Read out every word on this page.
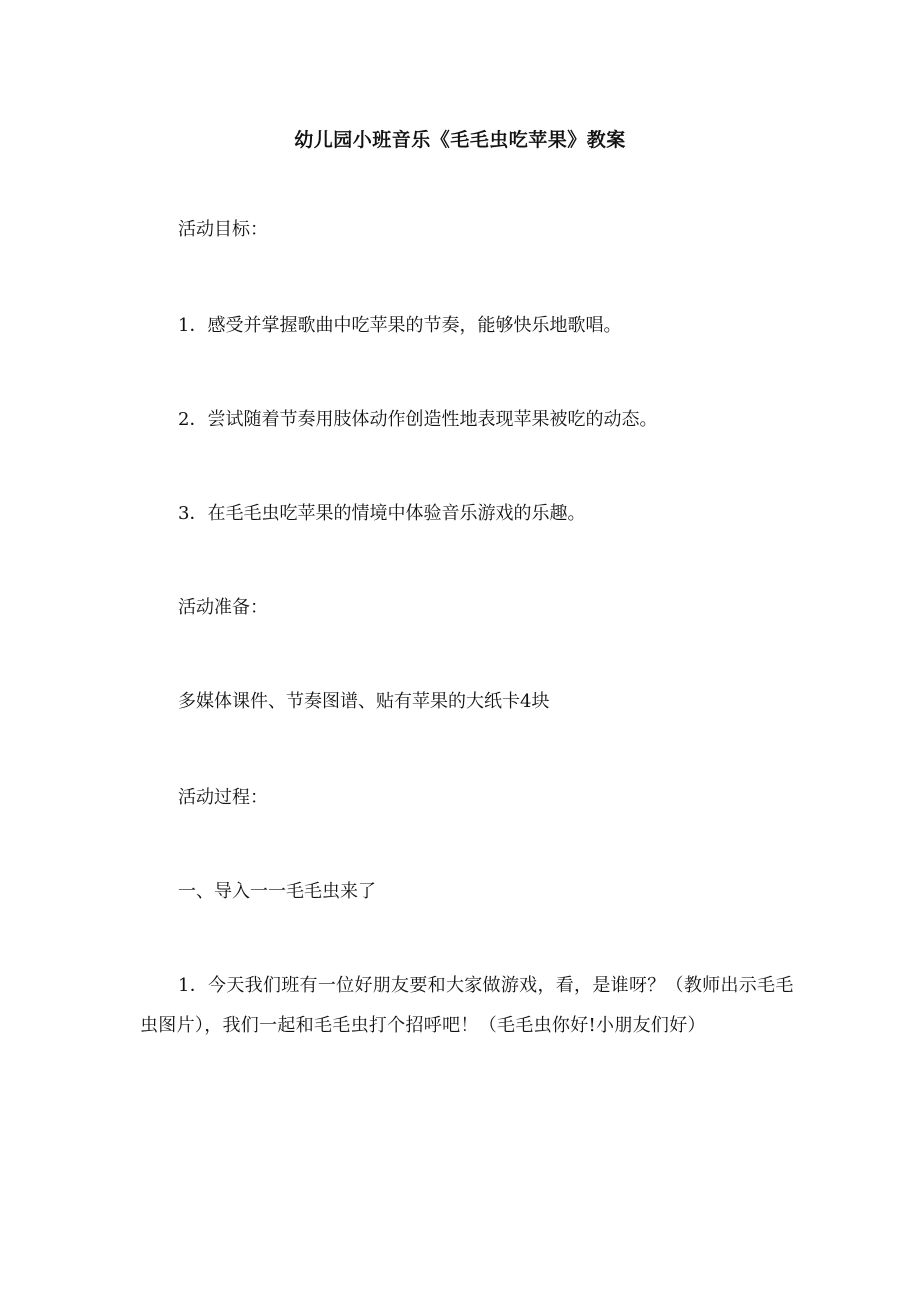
幼儿园小班音乐《毛毛虫吃苹果》教案
活动目标：
1．感受并掌握歌曲中吃苹果的节奏，能够快乐地歌唱。
2．尝试随着节奏用肢体动作创造性地表现苹果被吃的动态。
3．在毛毛虫吃苹果的情境中体验音乐游戏的乐趣。
活动准备：
多媒体课件、节奏图谱、贴有苹果的大纸卡4块
活动过程：
一、导入一一毛毛虫来了
1．今天我们班有一位好朋友要和大家做游戏，看，是谁呀？（教师出示毛毛虫图片），我们一起和毛毛虫打个招呼吧！（毛毛虫你好!小朋友们好）
